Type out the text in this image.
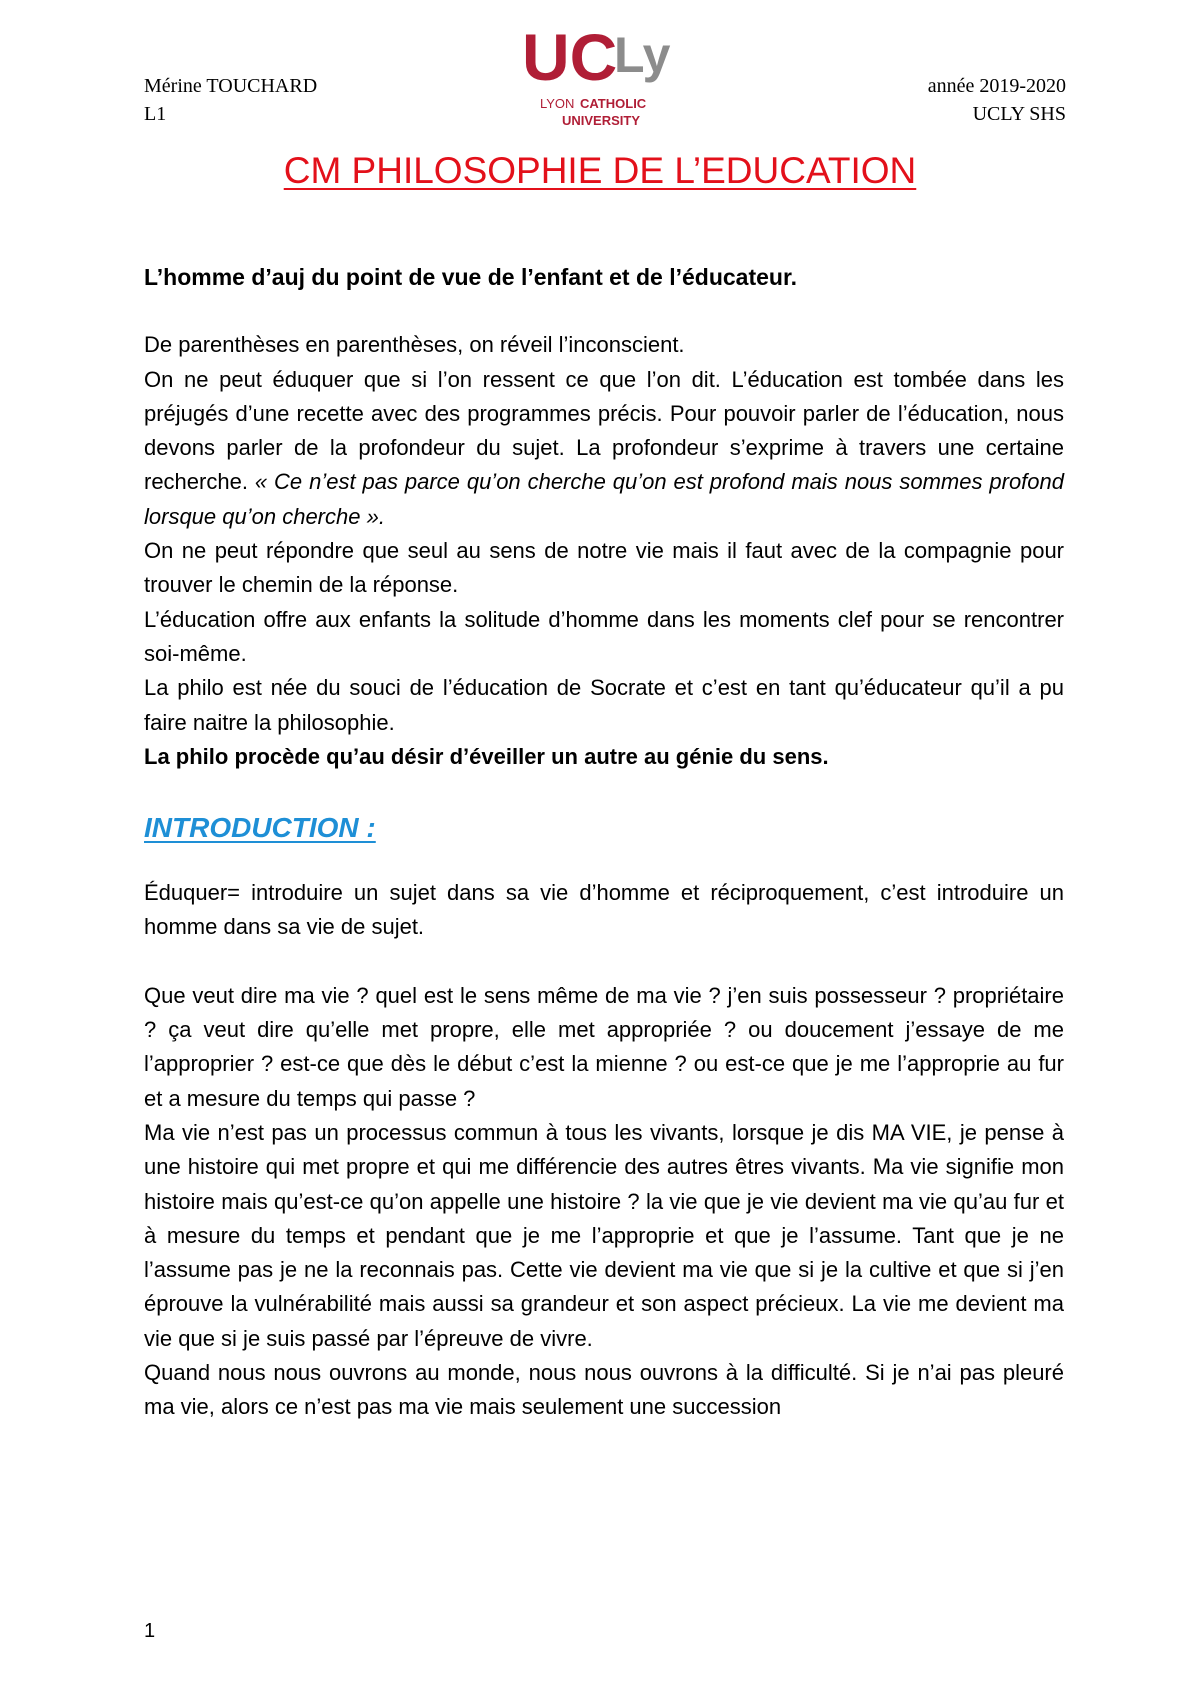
Mérine TOUCHARD
L1
UC
Ly
LYON CATHOLIC
UNIVERSITY
année 2019-2020
UCLY SHS
CM PHILOSOPHIE DE L’EDUCATION

L’homme d’auj du point de vue de l’enfant et de l’éducateur.

De parenthèses en parenthèses, on réveil l’inconscient.

On ne peut éduquer que si l’on ressent ce que l’on dit. L’éducation est tombée dans les préjugés d’une recette avec des programmes précis. Pour pouvoir parler de l’éducation, nous devons parler de la profondeur du sujet. La profondeur s’exprime à travers une certaine recherche. « Ce n’est pas parce qu’on cherche qu’on est profond mais nous sommes profond lorsque qu’on cherche ».

On ne peut répondre que seul au sens de notre vie mais il faut avec de la compagnie pour trouver le chemin de la réponse.

L’éducation offre aux enfants la solitude d’homme dans les moments clef pour se rencontrer soi-même.

La philo est née du souci de l’éducation de Socrate et c’est en tant qu’éducateur qu’il a pu faire naitre la philosophie.

La philo procède qu’au désir d’éveiller un autre au génie du sens.

INTRODUCTION :

Éduquer= introduire un sujet dans sa vie d’homme et réciproquement, c’est introduire un homme dans sa vie de sujet.

Que veut dire ma vie ? quel est le sens même de ma vie ? j’en suis possesseur ? propriétaire ? ça veut dire qu’elle met propre, elle met appropriée ? ou doucement j’essaye de me l’approprier ? est-ce que dès le début c’est la mienne ? ou est-ce que je me l’approprie au fur et a mesure du temps qui passe ?

Ma vie n’est pas un processus commun à tous les vivants, lorsque je dis MA VIE, je pense à une histoire qui met propre et qui me différencie des autres êtres vivants. Ma vie signifie mon histoire mais qu’est-ce qu’on appelle une histoire ? la vie que je vie devient ma vie qu’au fur et à mesure du temps et pendant que je me l’approprie et que je l’assume. Tant que je ne l’assume pas je ne la reconnais pas. Cette vie devient ma vie que si je la cultive et que si j’en éprouve la vulnérabilité mais aussi sa grandeur et son aspect précieux. La vie me devient ma vie que si je suis passé par l’épreuve de vivre.

Quand nous nous ouvrons au monde, nous nous ouvrons à la difficulté. Si je n’ai pas pleuré ma vie, alors ce n’est pas ma vie mais seulement une succession

1
